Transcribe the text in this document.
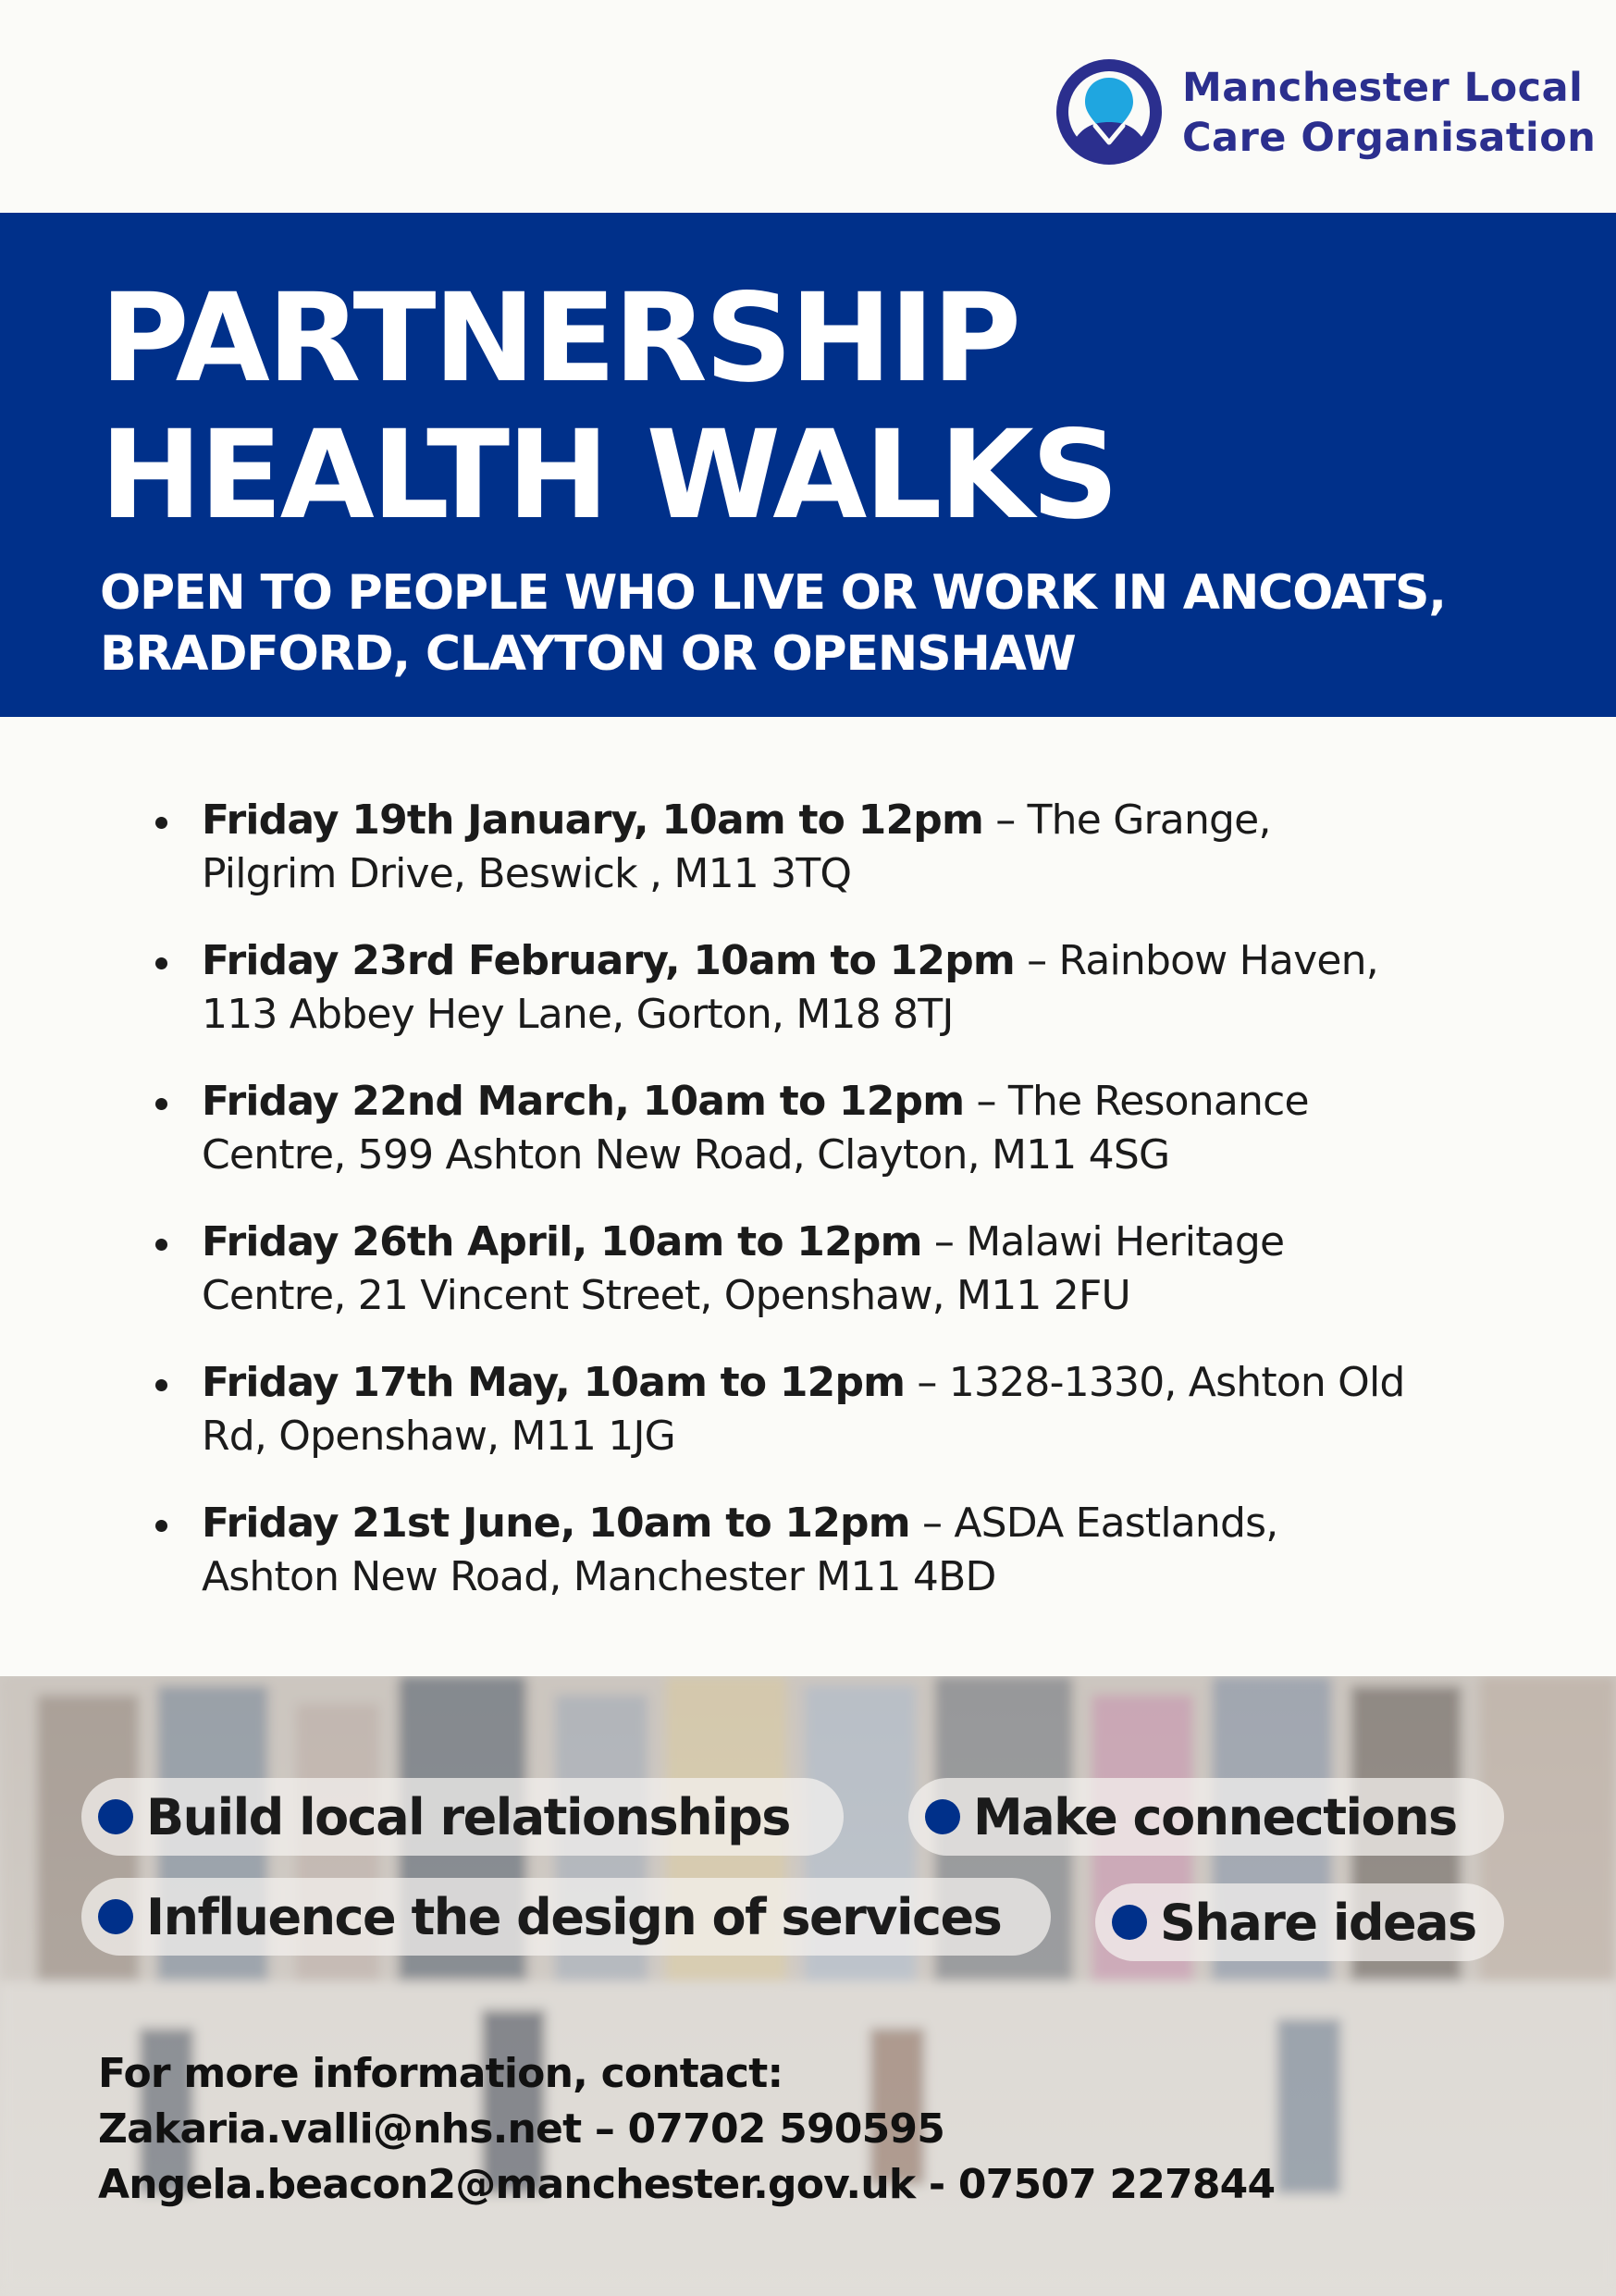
Manchester Local
Care Organisation
PARTNERSHIP
HEALTH WALKS
OPEN TO PEOPLE WHO LIVE OR WORK IN ANCOATS,
BRADFORD, CLAYTON OR OPENSHAW
Friday 19th January, 10am to 12pm – The Grange,
Pilgrim Drive, Beswick , M11 3TQ
Friday 23rd February, 10am to 12pm – Rainbow Haven,
113 Abbey Hey Lane, Gorton, M18 8TJ
Friday 22nd March, 10am to 12pm – The Resonance
Centre, 599 Ashton New Road, Clayton, M11 4SG
Friday 26th April, 10am to 12pm – Malawi Heritage
Centre, 21 Vincent Street, Openshaw, M11 2FU
Friday 17th May, 10am to 12pm – 1328-1330, Ashton Old
Rd, Openshaw, M11 1JG
Friday 21st June, 10am to 12pm – ASDA Eastlands,
Ashton New Road, Manchester M11 4BD
Build local relationships	Make connections
Influence the design of services	Share ideas
For more information, contact:
Zakaria.valli@nhs.net – 07702 590595
Angela.beacon2@manchester.gov.uk - 07507 227844
